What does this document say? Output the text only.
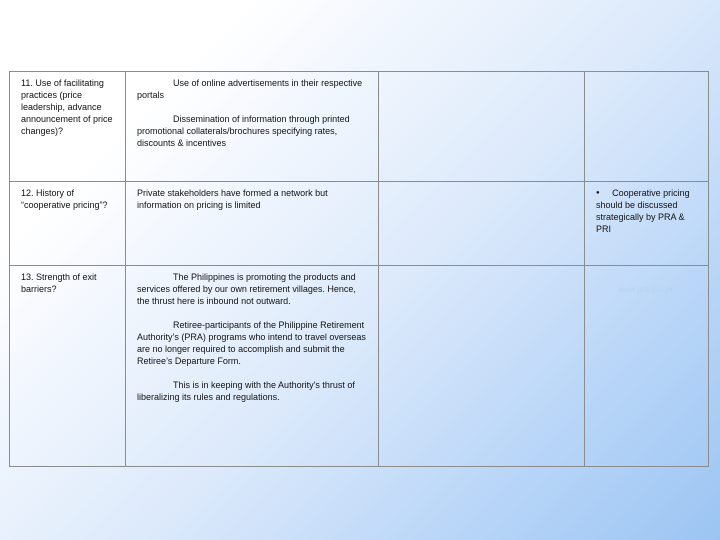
11. Use of facilitating practices (price leadership, advance announcement of price changes)?

Use of online advertisements in their respective portals

Dissemination of information through printed promotional collaterals/brochures specifying rates, discounts & incentives

12. History of “cooperative pricing”?

Private stakeholders have formed a network but information on pricing is limited

● Cooperative pricing should be discussed strategically by PRA & PRI

13. Strength of exit barriers?

The Philippines is promoting the products and services offered by our own retirement villages. Hence, the thrust here is inbound not outward.

Retiree-participants of the Philippine Retirement Authority’s (PRA) programs who intend to travel overseas are no longer required to accomplish and submit the Retiree’s Departure Form.

This is in keeping with the Authority’s thrust of liberalizing its rules and regulations.

www.pra.gov.ph
